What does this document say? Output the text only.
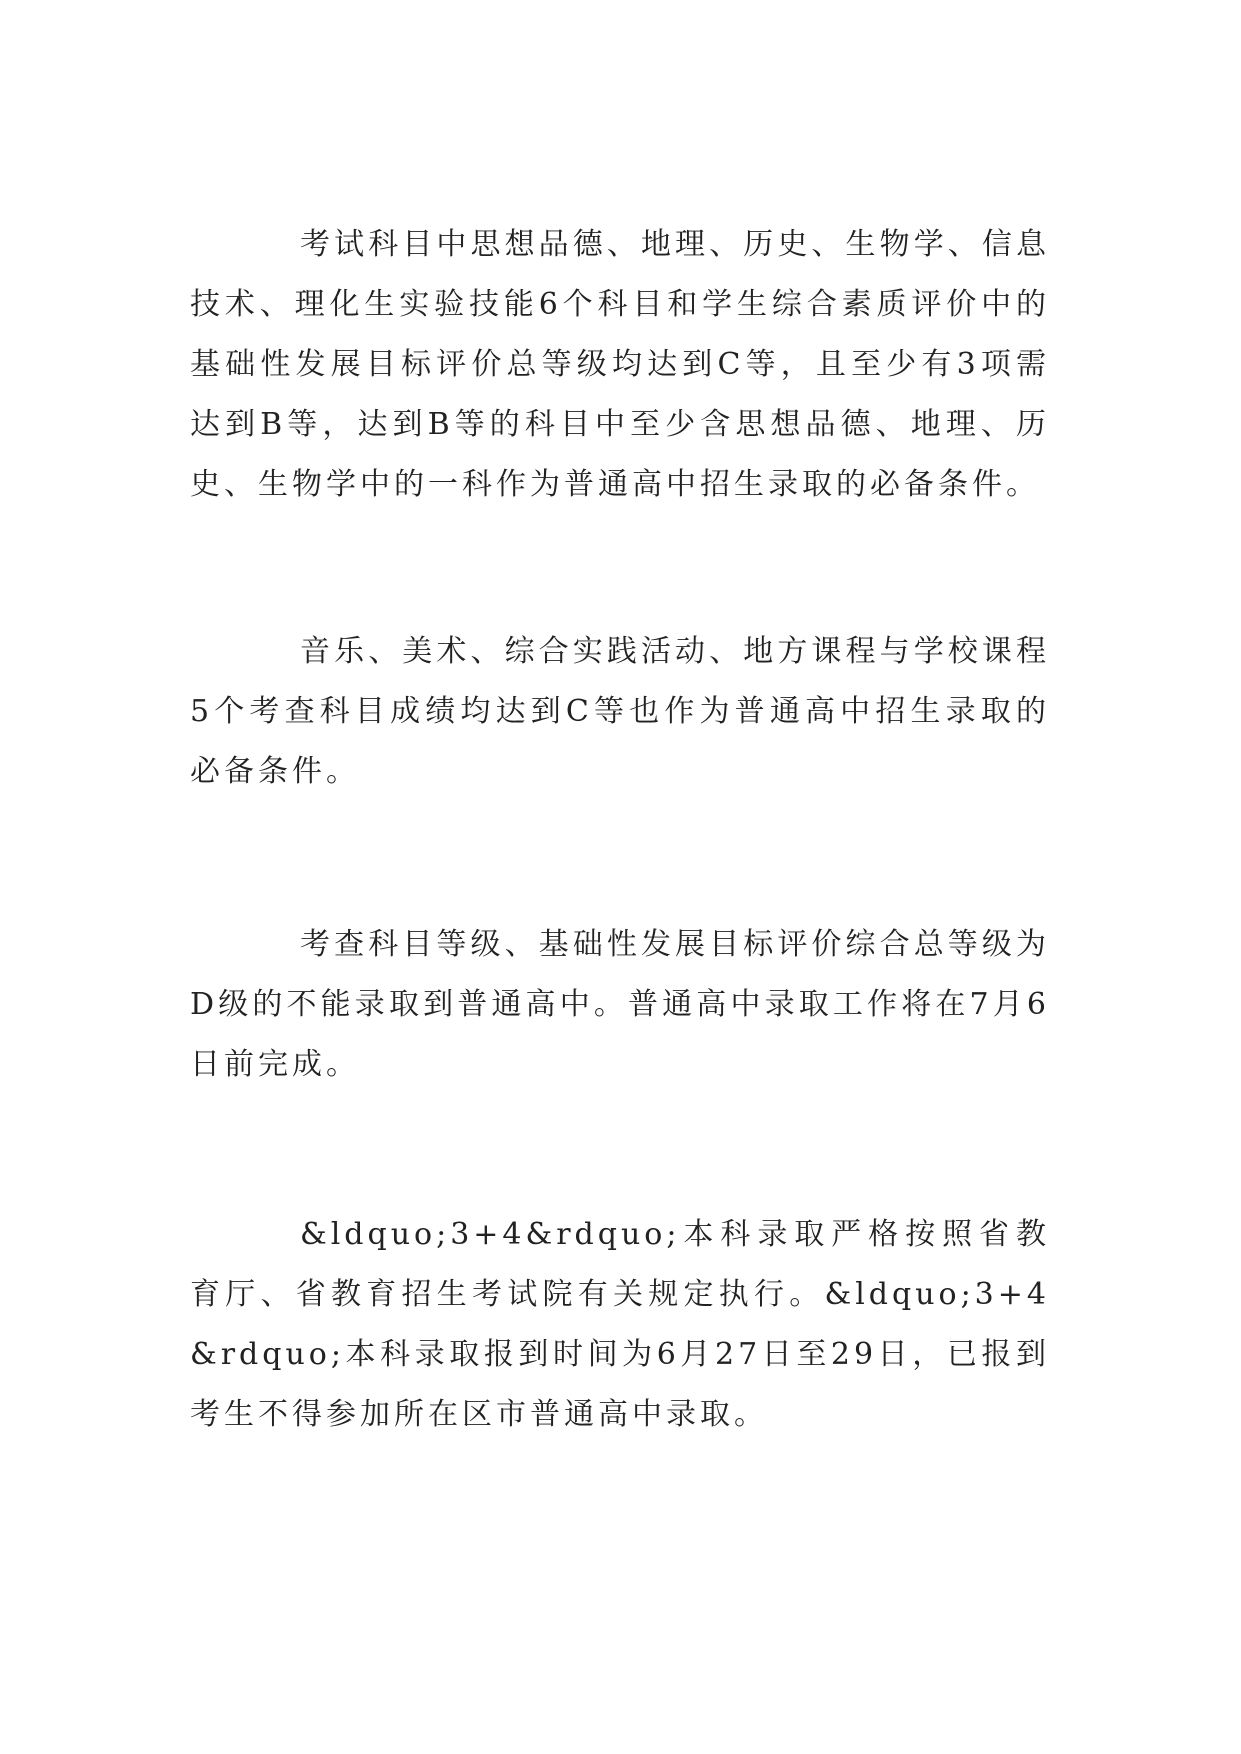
考试科目中思想品德、地理、历史、生物学、信息技术、理化生实验技能6个科目和学生综合素质评价中的基础性发展目标评价总等级均达到C等，且至少有3项需达到B等，达到B等的科目中至少含思想品德、地理、历史、生物学中的一科作为普通高中招生录取的必备条件。

音乐、美术、综合实践活动、地方课程与学校课程5个考查科目成绩均达到C等也作为普通高中招生录取的必备条件。

考查科目等级、基础性发展目标评价综合总等级为D级的不能录取到普通高中。普通高中录取工作将在7月6日前完成。

&ldquo;3+4&rdquo;本科录取严格按照省教育厅、省教育招生考试院有关规定执行。&ldquo;3+4&rdquo;本科录取报到时间为6月27日至29日，已报到考生不得参加所在区市普通高中录取。
